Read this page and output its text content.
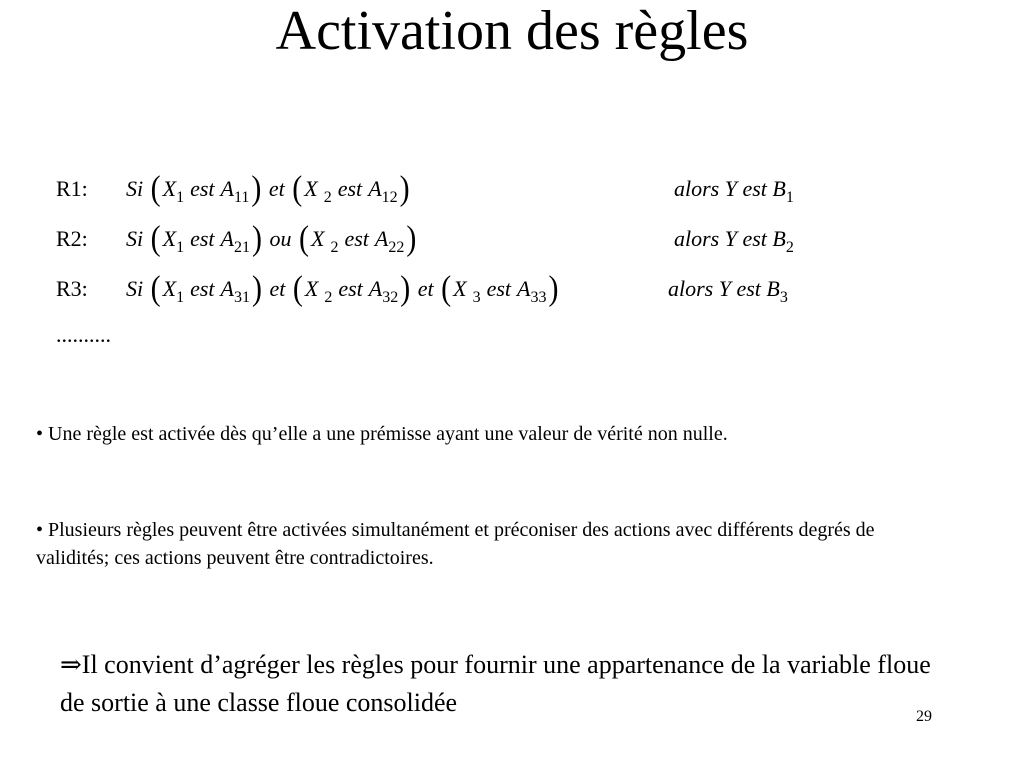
Activation des règles
R1: Si ($X_1$ est $A_{11}$) et (X $_2$ est $A_{12}$)	alors Y est $B_1$
R2: Si ($X_1$ est $A_{21}$) ou (X $_2$ est $A_{22}$)	alors Y est $B_2$
R3: Si ($X_1$ est $A_{31}$) et (X $_2$ est $A_{32}$) et (X $_3$ est $A_{33}$)	alors Y est $B_3$
..........
• Une règle est activée dès qu’elle a une prémisse ayant une valeur de vérité non nulle.
• Plusieurs règles peuvent être activées simultanément et préconiser des actions avec différents degrés de validités; ces actions peuvent être contradictoires.
⇒Il convient d’agréger les règles pour fournir une appartenance de la variable floue de sortie à une classe floue consolidée	29
